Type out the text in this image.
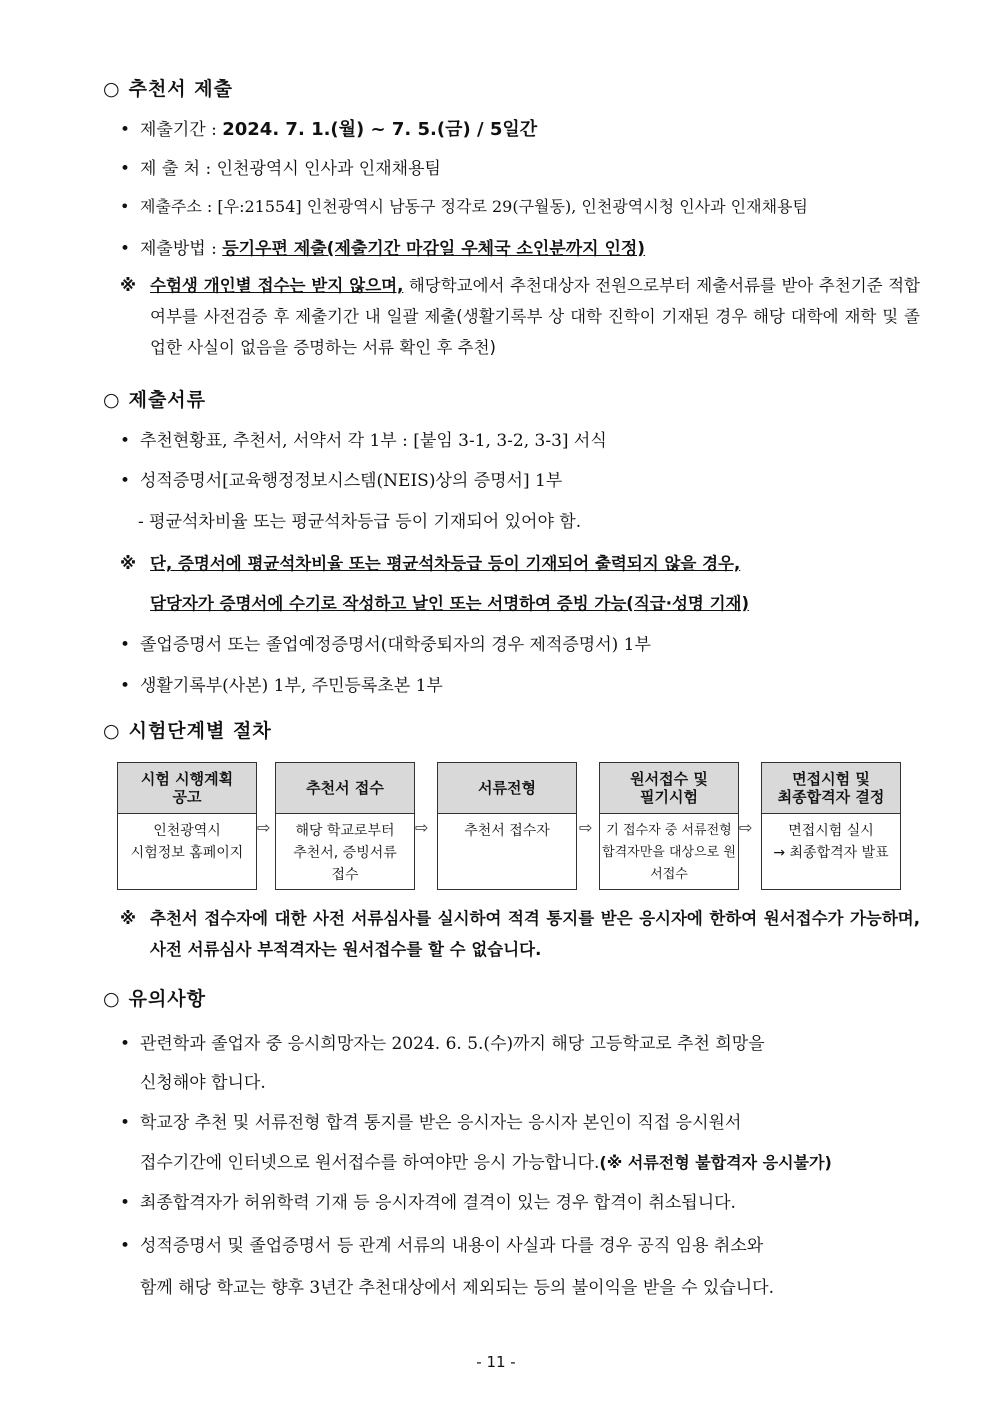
○ 추천서 제출
• 제출기간 : 2024. 7. 1.(월) ~ 7. 5.(금) / 5일간
• 제 출 처 : 인천광역시 인사과 인재채용팀
• 제출주소 : [우:21554] 인천광역시 남동구 정각로 29(구월동), 인천광역시청 인사과 인재채용팀
• 제출방법 : 등기우편 제출(제출기간 마감일 우체국 소인분까지 인정)
※ 수험생 개인별 접수는 받지 않으며, 해당학교에서 추천대상자 전원으로부터 제출서류를 받아 추천기준 적합여부를 사전검증 후 제출기간 내 일괄 제출(생활기록부 상 대학 진학이 기재된 경우 해당 대학에 재학 및 졸업한 사실이 없음을 증명하는 서류 확인 후 추천)
○ 제출서류
• 추천현황표, 추천서, 서약서 각 1부 : [붙임 3-1, 3-2, 3-3] 서식
• 성적증명서[교육행정정보시스템(NEIS)상의 증명서] 1부
- 평균석차비율 또는 평균석차등급 등이 기재되어 있어야 함.
※ 단, 증명서에 평균석차비율 또는 평균석차등급 등이 기재되어 출력되지 않을 경우,
담당자가 증명서에 수기로 작성하고 날인 또는 서명하여 증빙 가능(직급·성명 기재)
• 졸업증명서 또는 졸업예정증명서(대학중퇴자의 경우 제적증명서) 1부
• 생활기록부(사본) 1부, 주민등록초본 1부
○ 시험단계별 절차
시험 시행계획
공고
인천광역시
시험정보 홈페이지
⇨
추천서 접수
해당 학교로부터
추천서, 증빙서류
접수
⇨
서류전형
추천서 접수자	⇨
원서접수 및
필기시험
기 접수자 중 서류전형 합격자만을 대상으로 원서접수
⇨
면접시험 및
최종합격자 결정
면접시험 실시
→ 최종합격자 발표
※ 추천서 접수자에 대한 사전 서류심사를 실시하여 적격 통지를 받은 응시자에 한하여 원서접수가 가능하며, 사전 서류심사 부적격자는 원서접수를 할 수 없습니다.
○ 유의사항
• 관련학과 졸업자 중 응시희망자는 2024. 6. 5.(수)까지 해당 고등학교로 추천 희망을
신청해야 합니다.
• 학교장 추천 및 서류전형 합격 통지를 받은 응시자는 응시자 본인이 직접 응시원서
접수기간에 인터넷으로 원서접수를 하여야만 응시 가능합니다.(※ 서류전형 불합격자 응시불가)
• 최종합격자가 허위학력 기재 등 응시자격에 결격이 있는 경우 합격이 취소됩니다.
• 성적증명서 및 졸업증명서 등 관계 서류의 내용이 사실과 다를 경우 공직 임용 취소와
함께 해당 학교는 향후 3년간 추천대상에서 제외되는 등의 불이익을 받을 수 있습니다.
- 11 -
